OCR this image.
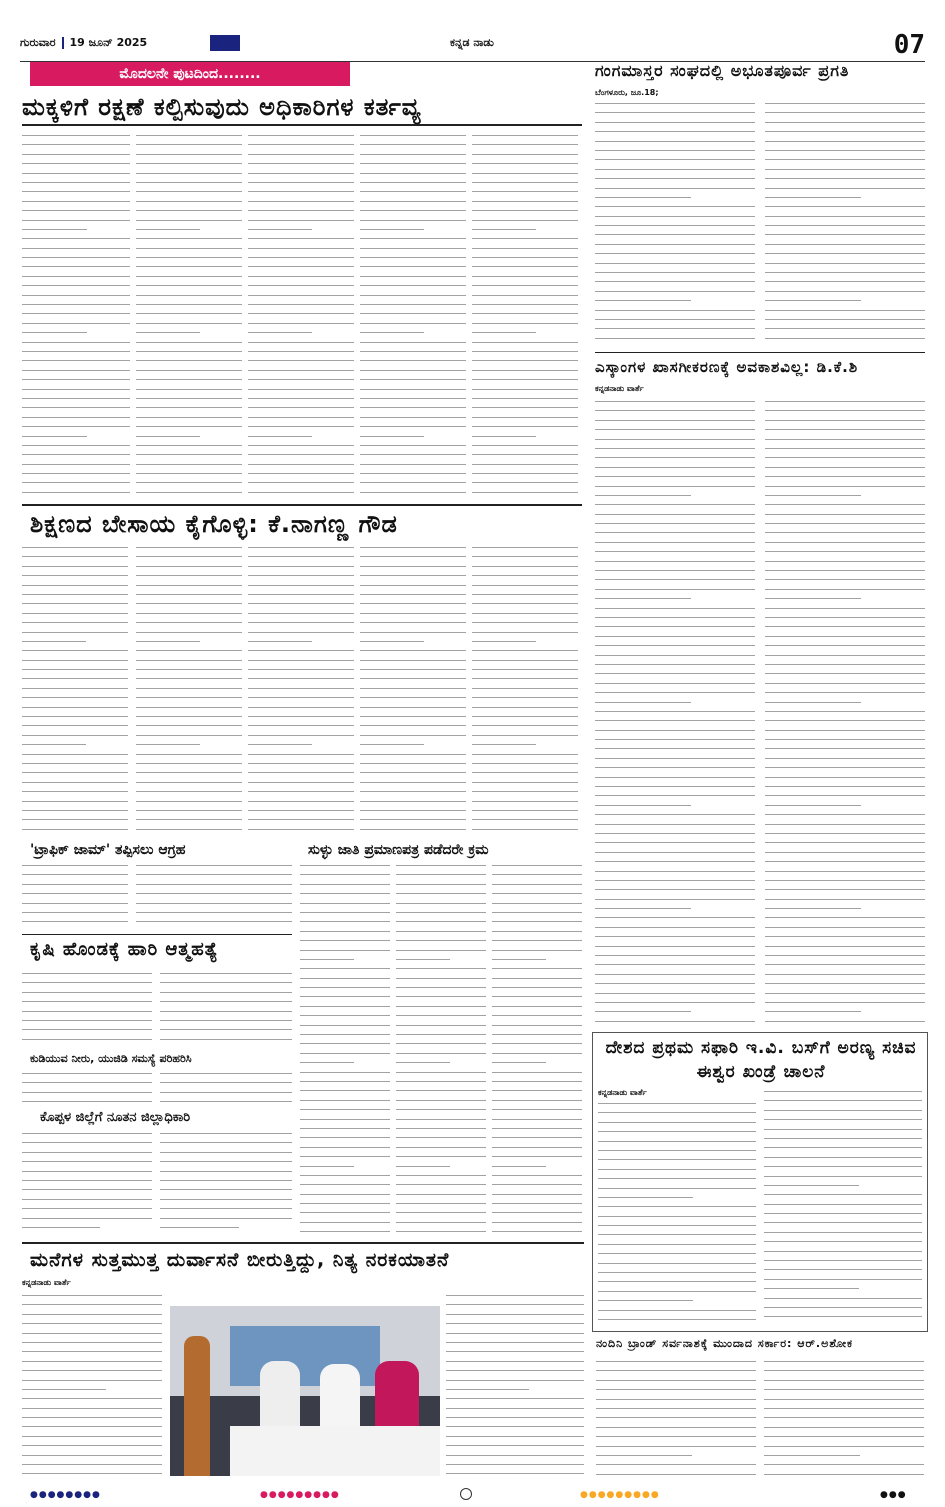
ಗುರುವಾರ 19 ಜೂನ್ 2025	ಕನ್ನಡ ನಾಡು	07
ಮೊದಲನೇ ಪುಟದಿಂದ........
ಮಕ್ಕಳಿಗೆ ರಕ್ಷಣೆ ಕಲ್ಪಿಸುವುದು ಅಧಿಕಾರಿಗಳ ಕರ್ತವ್ಯ
ಗಂಗಮಾಸ್ತರ ಸಂಘದಲ್ಲಿ ಅಭೂತಪೂರ್ವ ಪ್ರಗತಿ
ಬೆಂಗಳೂರು, ಜೂ.18;
ಎಸ್ಕಾಂಗಳ ಖಾಸಗೀಕರಣಕ್ಕೆ ಅವಕಾಶವಿಲ್ಲ: ಡಿ.ಕೆ.ಶಿ
ಕನ್ನಡನಾಡು ವಾರ್ತೆ
ಶಿಕ್ಷಣದ ಬೇಸಾಯ ಕೈಗೊಳ್ಳಿ: ಕೆ.ನಾಗಣ್ಣ ಗೌಡ
'ಟ್ರಾಫಿಕ್ ಜಾಮ್' ತಪ್ಪಿಸಲು ಆಗ್ರಹ	ಸುಳ್ಳು ಜಾತಿ ಪ್ರಮಾಣಪತ್ರ ಪಡೆದರೇ ಕ್ರಮ
ಕೃಷಿ ಹೊಂಡಕ್ಕೆ ಹಾರಿ ಆತ್ಮಹತ್ಯೆ
ಕುಡಿಯುವ ನೀರು, ಯುಜಿಡಿ ಸಮಸ್ಯೆ ಪರಿಹರಿಸಿ
ಕೊಪ್ಪಳ ಜಿಲ್ಲೆಗೆ ನೂತನ ಜಿಲ್ಲಾಧಿಕಾರಿ
ದೇಶದ ಪ್ರಥಮ ಸಫಾರಿ ಇ.ವಿ. ಬಸ್‌ಗೆ ಅರಣ್ಯ ಸಚಿವ ಈಶ್ವರ ಖಂಡ್ರೆ ಚಾಲನೆ
ಕನ್ನಡನಾಡು ವಾರ್ತೆ
ಮನೆಗಳ ಸುತ್ತಮುತ್ತ ದುರ್ವಾಸನೆ ಬೀರುತ್ತಿದ್ದು, ನಿತ್ಯ ನರಕಯಾತನೆ
ಕನ್ನಡನಾಡು ವಾರ್ತೆ
ನಂದಿನಿ ಬ್ರಾಂಡ್ ಸರ್ವನಾಶಕ್ಕೆ ಮುಂದಾದ ಸರ್ಕಾರ: ಆರ್.ಅಶೋಕ
●●●●●●●●	●●●●●●●●●	●●●●●●●●●	●●●
